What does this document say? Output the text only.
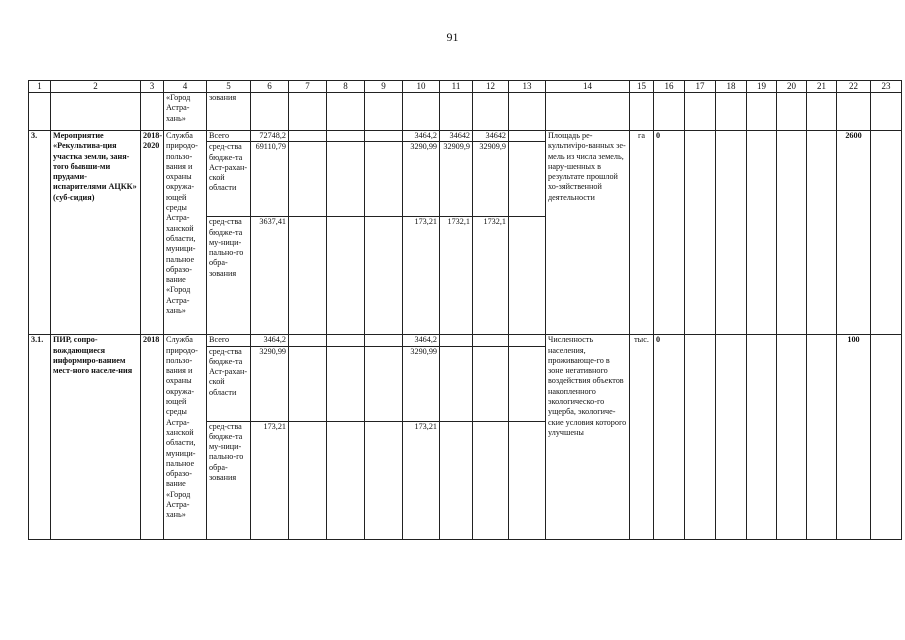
91
1	2	3	4	5	6	7	8	9	10	11	12	13	14	15	16	17	18	19	20	21	22	23
			«Город Астра-хань»	зования																		
3.	Мероприятие «Рекультива-ция участка земли, заня-того бывши-ми прудами-испарителями АЦКК» (суб-сидия)	2018-2020	Служба природо-пользо-вания и охраны окружа-ющей среды Астра-ханской области, муници-пальное образо-вание «Город Астра-хань»	Всего	72748,2				3464,2	34642	34642		Площадь ре-культиviро-ванных зе-мель из числа земель, нару-шенных в результате прошлой хо-зяйственной деятельности	га	0						2600	
				сред-ства бюдже-та Аст-рахан-ской области	69110,79				3290,99	32909,9	32909,9											
				сред-ства бюдже-та му-ници-пально-го обра-зования	3637,41				173,21	1732,1	1732,1											
3.1.	ПИР, сопро-вождающиеся информиро-ванием мест-ного населе-ния	2018	Служба природо-пользо-вания и охраны окружа-ющей среды Астра-ханской области, муници-пальное образо-вание «Город Астра-хань»	Всего	3464,2				3464,2				Численность населения, проживающе-го в зоне негативного воздействия объектов накопленного экологическо-го ущерба, экологиче-ские условия которого улучшены	тыс.	0						100	
				сред-ства бюдже-та Аст-рахан-ской области	3290,99				3290,99													
				сред-ства бюдже-та му-ници-пально-го обра-зования	173,21				173,21													
